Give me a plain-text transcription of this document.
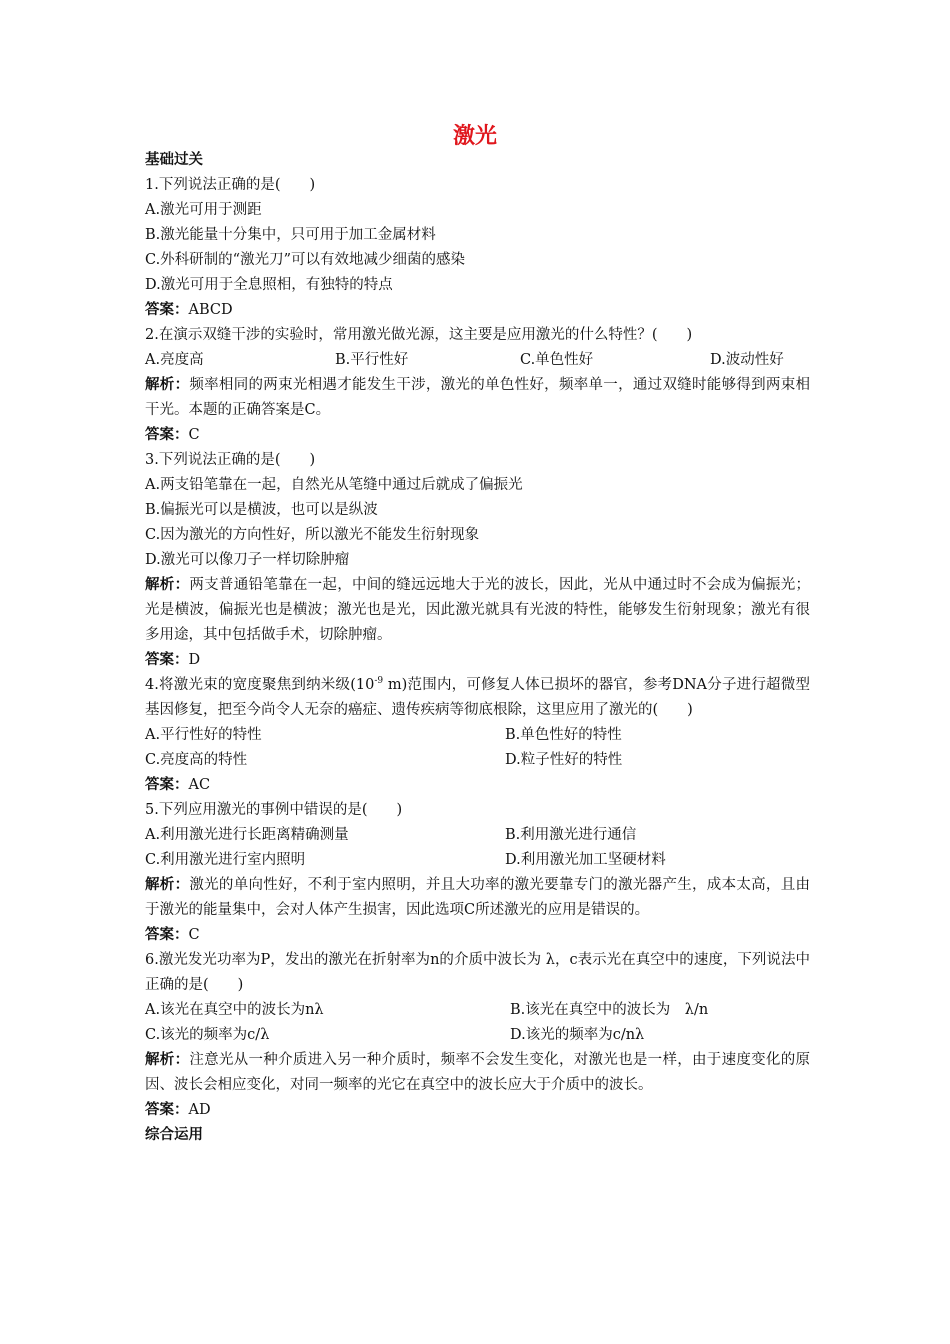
激光
基础过关
1.下列说法正确的是(　　)
A.激光可用于测距
B.激光能量十分集中，只可用于加工金属材料
C.外科研制的“激光刀”可以有效地减少细菌的感染
D.激光可用于全息照相，有独特的特点
答案：ABCD
2.在演示双缝干涉的实验时，常用激光做光源，这主要是应用激光的什么特性？(　　)
A.亮度高	B.平行性好	C.单色性好	D.波动性好
解析：频率相同的两束光相遇才能发生干涉，激光的单色性好，频率单一，通过双缝时能够得到两束相干光。本题的正确答案是C。
答案：C
3.下列说法正确的是(　　)
A.两支铅笔靠在一起，自然光从笔缝中通过后就成了偏振光
B.偏振光可以是横波，也可以是纵波
C.因为激光的方向性好，所以激光不能发生衍射现象
D.激光可以像刀子一样切除肿瘤
解析：两支普通铅笔靠在一起，中间的缝远远地大于光的波长，因此，光从中通过时不会成为偏振光；光是横波，偏振光也是横波；激光也是光，因此激光就具有光波的特性，能够发生衍射现象；激光有很多用途，其中包括做手术，切除肿瘤。
答案：D
4.将激光束的宽度聚焦到纳米级($10^{-9}$ m)范围内，可修复人体已损坏的器官，参考DNA分子进行超微型基因修复，把至今尚令人无奈的癌症、遗传疾病等彻底根除，这里应用了激光的(　　)
A.平行性好的特性	B.单色性好的特性
C.亮度高的特性	D.粒子性好的特性
答案：AC
5.下列应用激光的事例中错误的是(　　)
A.利用激光进行长距离精确测量	B.利用激光进行通信
C.利用激光进行室内照明	D.利用激光加工坚硬材料
解析：激光的单向性好，不利于室内照明，并且大功率的激光要靠专门的激光器产生，成本太高，且由于激光的能量集中，会对人体产生损害，因此选项C所述激光的应用是错误的。
答案：C
6.激光发光功率为P，发出的激光在折射率为n的介质中波长为 λ，c表示光在真空中的速度，下列说法中正确的是(　　)
A.该光在真空中的波长为nλ	B.该光在真空中的波长为　λ/n
C.该光的频率为c/λ	D.该光的频率为c/nλ
解析：注意光从一种介质进入另一种介质时，频率不会发生变化，对激光也是一样，由于速度变化的原因、波长会相应变化，对同一频率的光它在真空中的波长应大于介质中的波长。
答案：AD
综合运用
